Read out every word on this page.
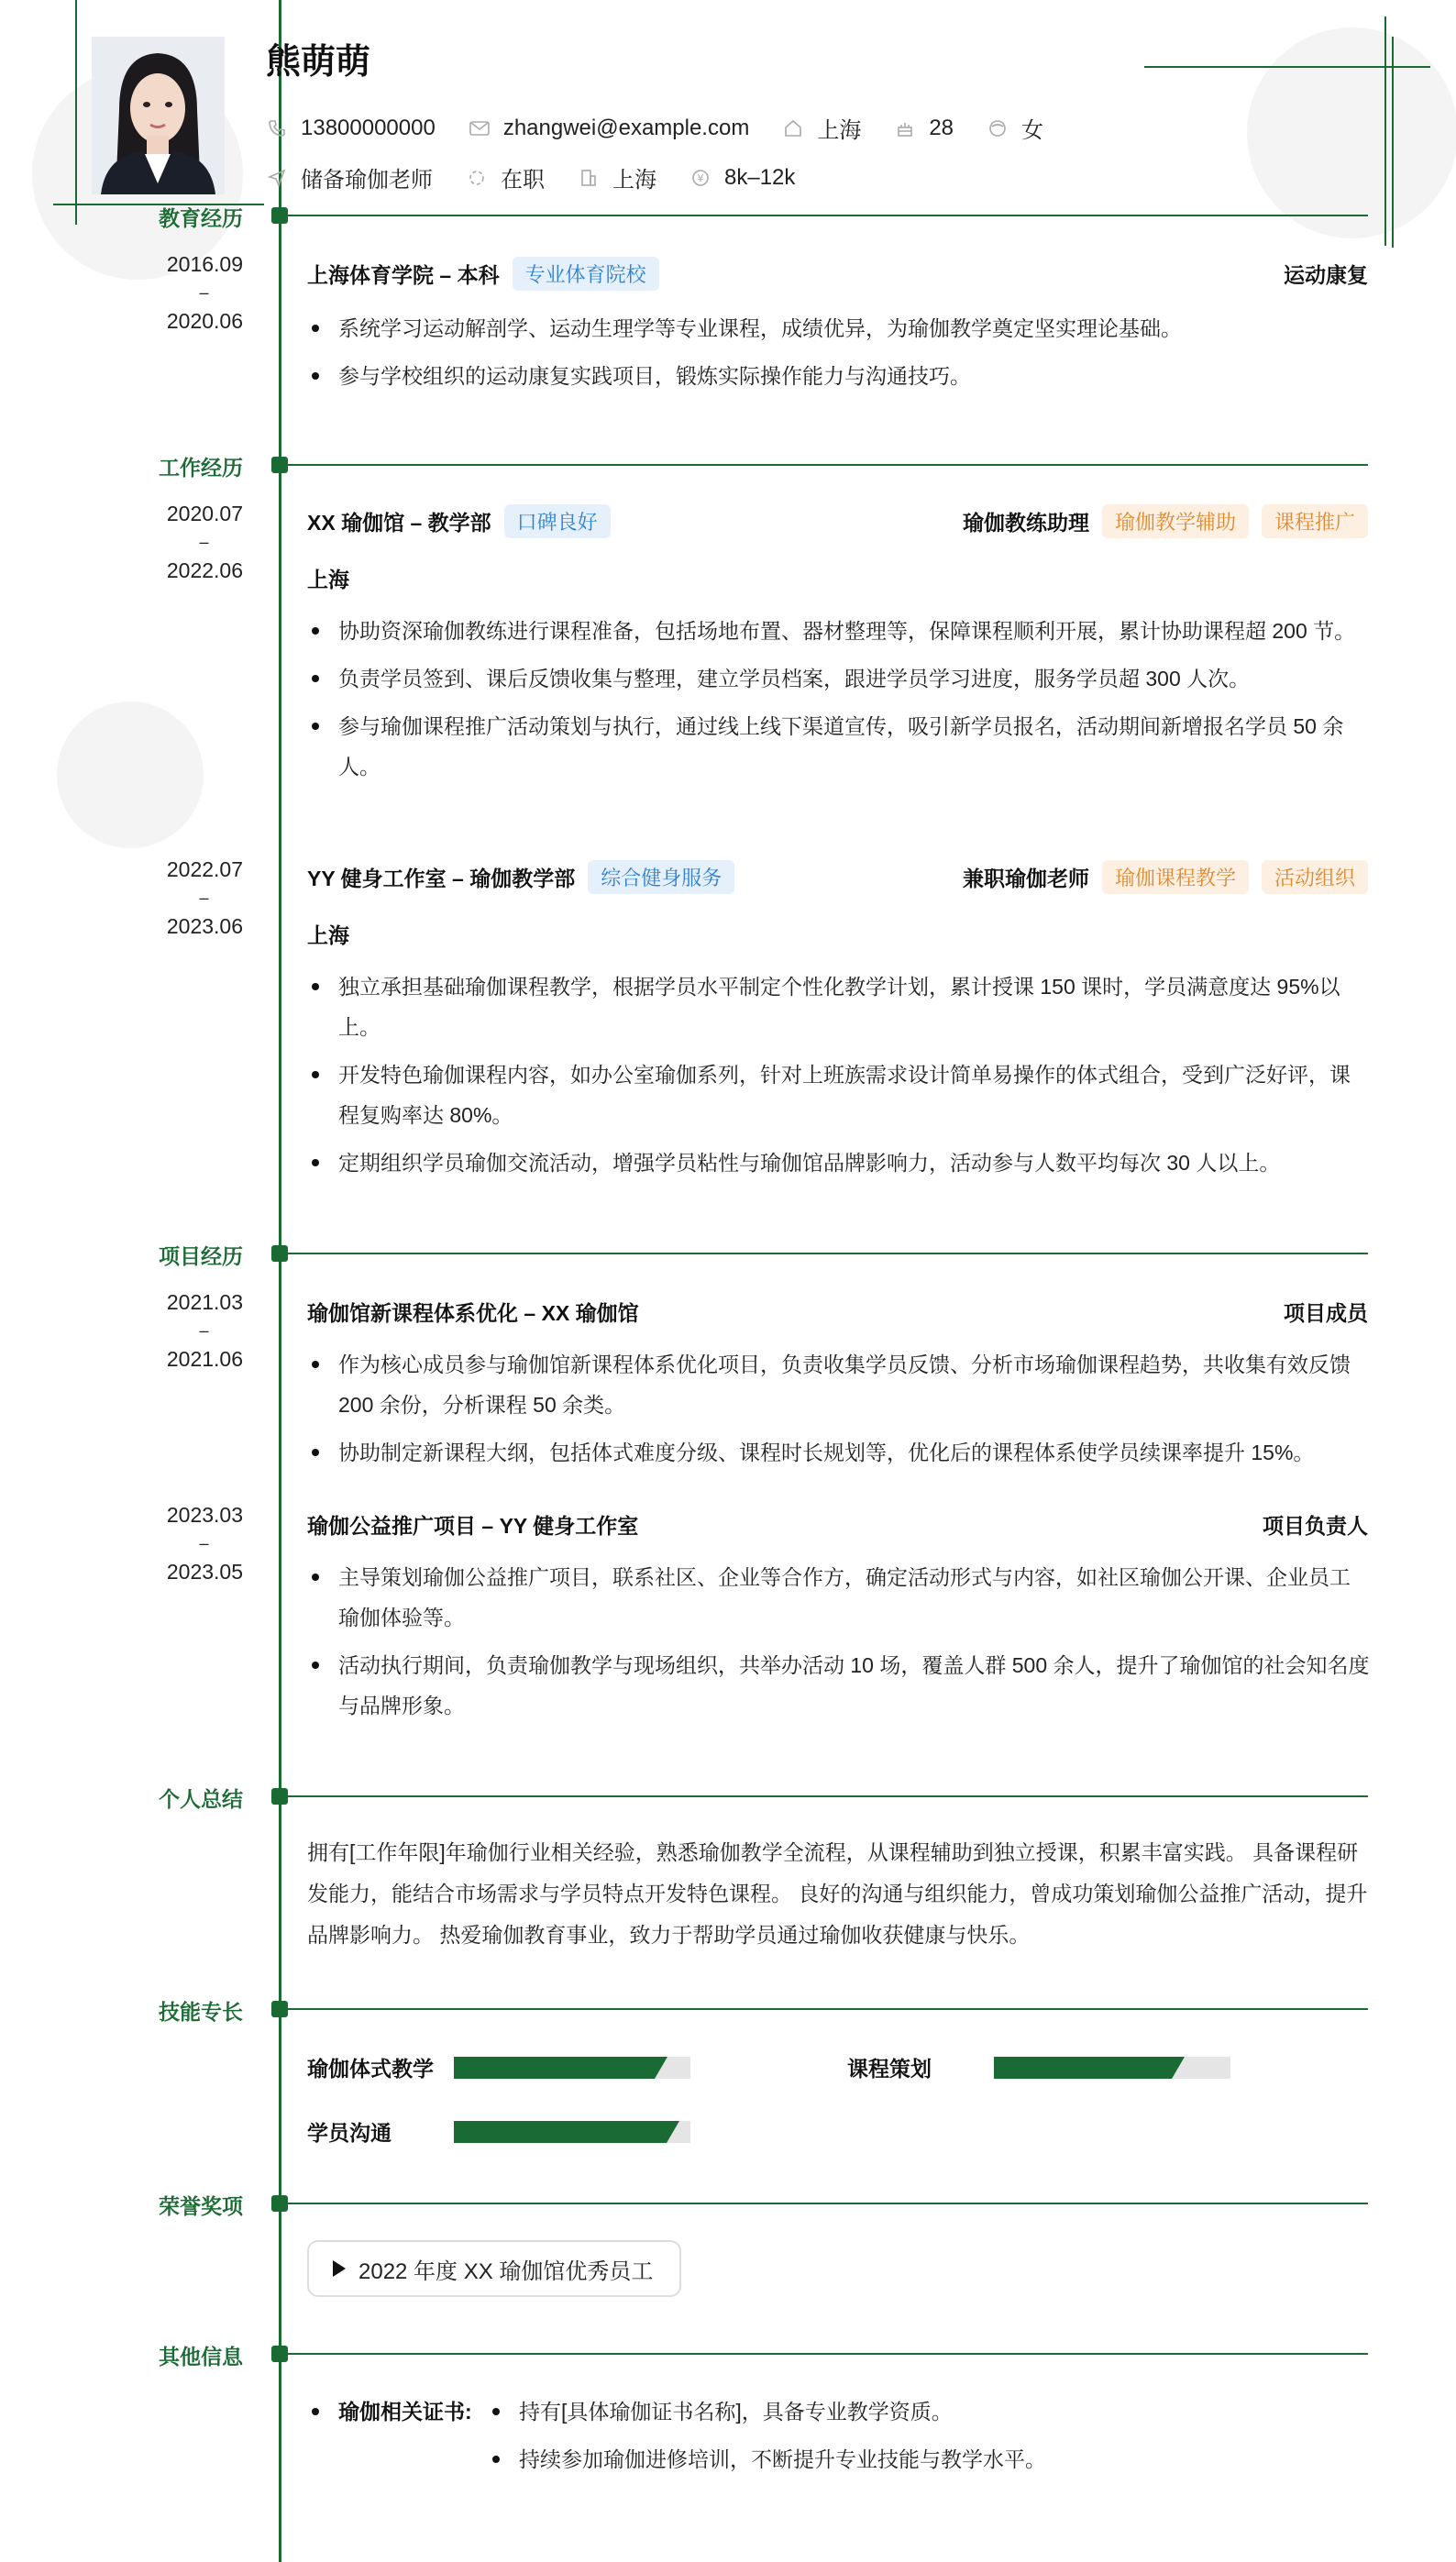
熊萌萌
13800000000	zhangwei@example.com	上海	28	女
储备瑜伽老师	在职	上海	¥ 8k–12k
教育经历
2016.09
–
2020.06
上海体育学院 – 本科	专业体育院校	运动康复
系统学习运动解剖学、运动生理学等专业课程，成绩优异，为瑜伽教学奠定坚实理论基础。
参与学校组织的运动康复实践项目，锻炼实际操作能力与沟通技巧。
工作经历
2020.07
–
2022.06
XX 瑜伽馆 – 教学部	口碑良好	瑜伽教练助理	瑜伽教学辅助	课程推广
上海
协助资深瑜伽教练进行课程准备，包括场地布置、器材整理等，保障课程顺利开展，累计协助课程超 200 节。
负责学员签到、课后反馈收集与整理，建立学员档案，跟进学员学习进度，服务学员超 300 人次。
参与瑜伽课程推广活动策划与执行，通过线上线下渠道宣传，吸引新学员报名，活动期间新增报名学员 50 余人。
2022.07
–
2023.06
YY 健身工作室 – 瑜伽教学部	综合健身服务	兼职瑜伽老师	瑜伽课程教学	活动组织
上海
独立承担基础瑜伽课程教学，根据学员水平制定个性化教学计划，累计授课 150 课时，学员满意度达 95%以上。
开发特色瑜伽课程内容，如办公室瑜伽系列，针对上班族需求设计简单易操作的体式组合，受到广泛好评，课程复购率达 80%。
定期组织学员瑜伽交流活动，增强学员粘性与瑜伽馆品牌影响力，活动参与人数平均每次 30 人以上。
项目经历
2021.03
–
2021.06
瑜伽馆新课程体系优化 – XX 瑜伽馆	项目成员
作为核心成员参与瑜伽馆新课程体系优化项目，负责收集学员反馈、分析市场瑜伽课程趋势，共收集有效反馈 200 余份，分析课程 50 余类。
协助制定新课程大纲，包括体式难度分级、课程时长规划等，优化后的课程体系使学员续课率提升 15%。
2023.03
–
2023.05
瑜伽公益推广项目 – YY 健身工作室	项目负责人
主导策划瑜伽公益推广项目，联系社区、企业等合作方，确定活动形式与内容，如社区瑜伽公开课、企业员工瑜伽体验等。
活动执行期间，负责瑜伽教学与现场组织，共举办活动 10 场，覆盖人群 500 余人，提升了瑜伽馆的社会知名度与品牌形象。
个人总结
拥有[工作年限]年瑜伽行业相关经验，熟悉瑜伽教学全流程，从课程辅助到独立授课，积累丰富实践。 具备课程研发能力，能结合市场需求与学员特点开发特色课程。 良好的沟通与组织能力，曾成功策划瑜伽公益推广活动，提升品牌影响力。 热爱瑜伽教育事业，致力于帮助学员通过瑜伽收获健康与快乐。
技能专长
瑜伽体式教学	课程策划
学员沟通
荣誉奖项
2022 年度 XX 瑜伽馆优秀员工
其他信息
瑜伽相关证书:	持有[具体瑜伽证书名称]，具备专业教学资质。
持续参加瑜伽进修培训，不断提升专业技能与教学水平。
